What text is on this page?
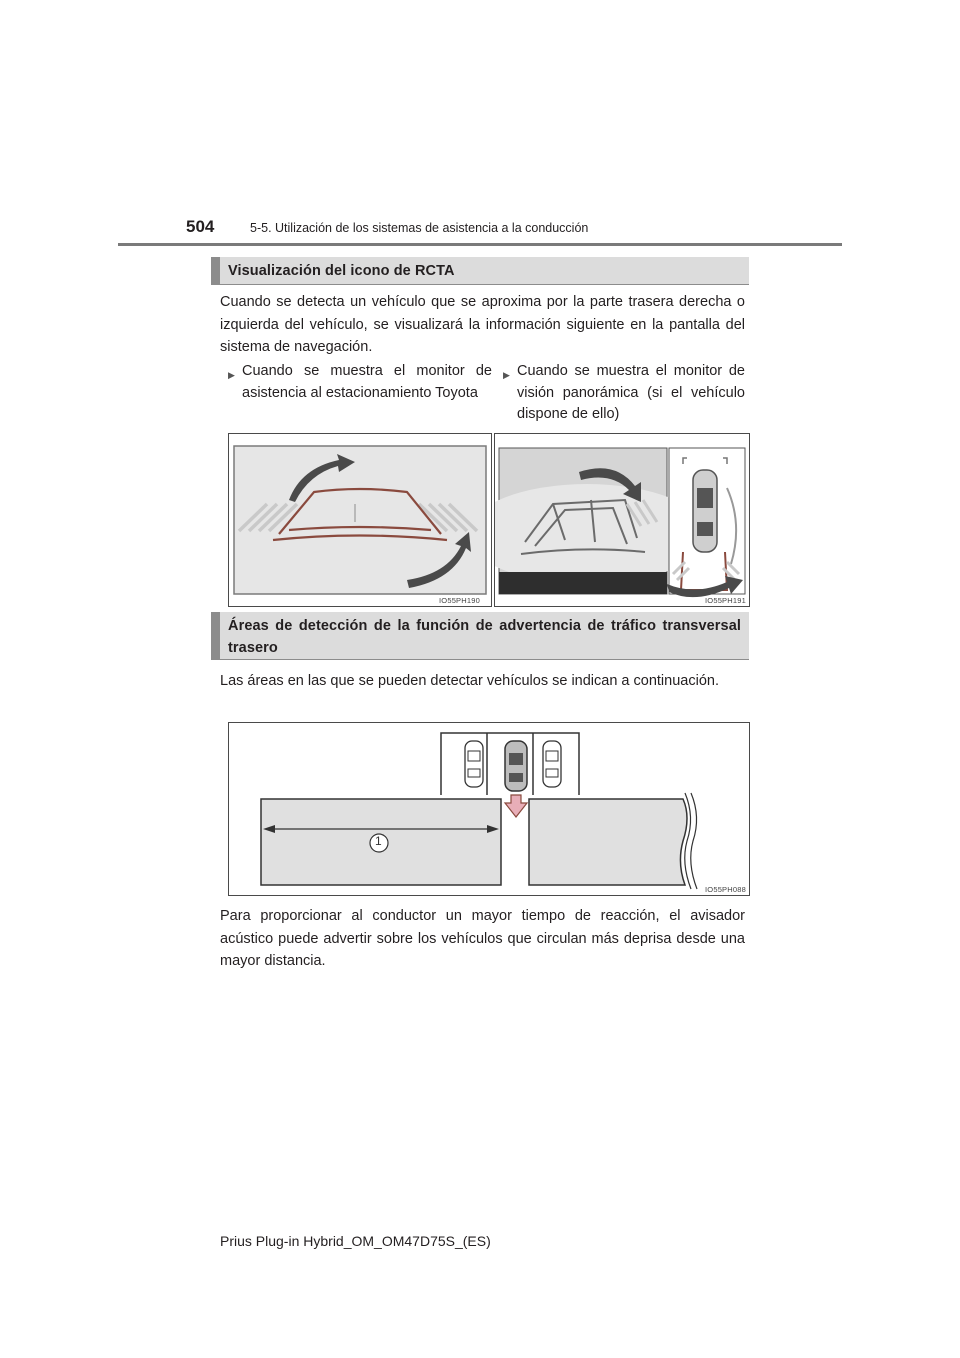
504	5-5. Utilización de los sistemas de asistencia a la conducción
Visualización del icono de RCTA
Cuando se detecta un vehículo que se aproxima por la parte trasera derecha o izquierda del vehículo, se visualizará la información siguiente en la pantalla del sistema de navegación.
▶ Cuando se muestra el monitor de asistencia al estacionamiento Toyota
▶ Cuando se muestra el monitor de visión panorámica (si el vehículo dispone de ello)
IO55PH190	IO55PH191
Áreas de detección de la función de advertencia de tráfico transversal trasero
Las áreas en las que se pueden detectar vehículos se indican a continuación.
1
IO55PH088
Para proporcionar al conductor un mayor tiempo de reacción, el avisador acústico puede advertir sobre los vehículos que circulan más deprisa desde una mayor distancia.
Prius Plug-in Hybrid_OM_OM47D75S_(ES)
